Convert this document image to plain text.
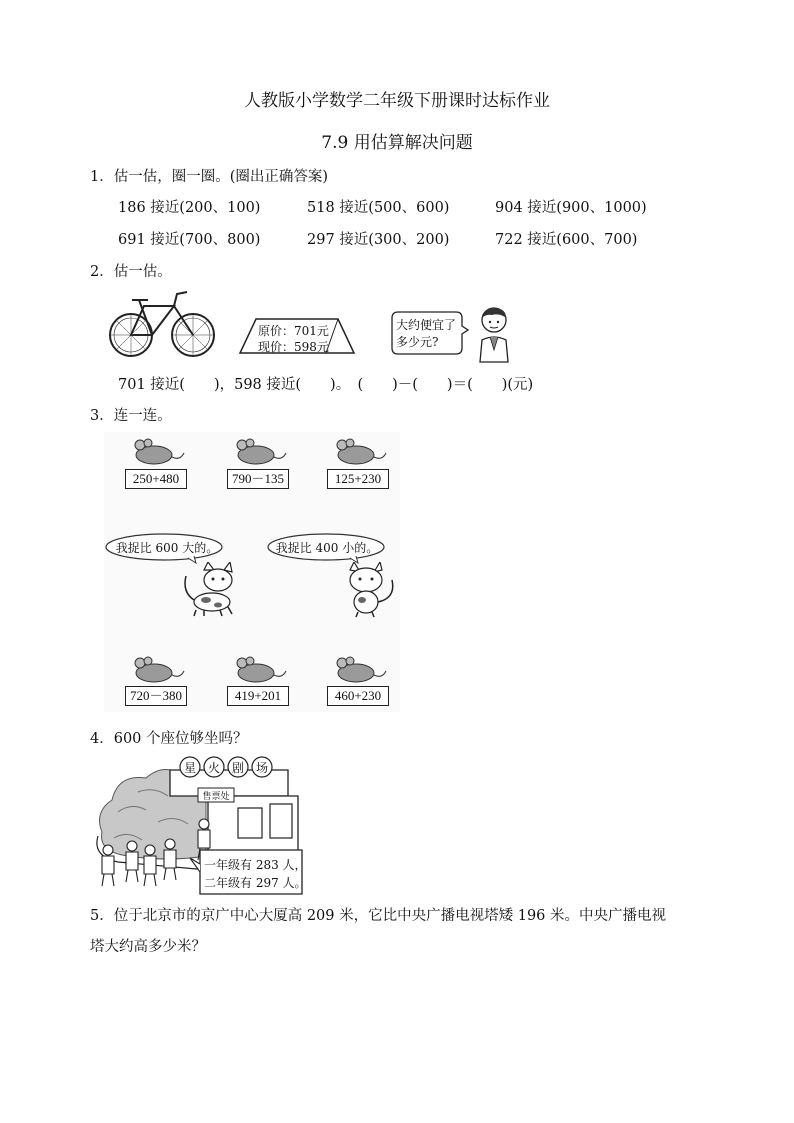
人教版小学数学二年级下册课时达标作业
7.9 用估算解决问题
1．估一估，圈一圈。(圈出正确答案)
186 接近(200、100)	518 接近(500、600)	904 接近(900、1000)
691 接近(700、800)	297 接近(300、200)	722 接近(600、700)
2．估一估。
原价：701元
现价：598元
大约便宜了
多少元?
701 接近(　　)，598 接近(　　)。　(　　)－(　　)＝(　　)(元)
3．连一连。
250+480	790－135	125+230
我捉比 600 大的。	我捉比 400 小的。
720－380	419+201	460+230
4．600 个座位够坐吗？
星 火 剧 场
售票处
一年级有 283 人，
二年级有 297 人。
5．位于北京市的京广中心大厦高 209 米，它比中央广播电视塔矮 196 米。中央广播电视
塔大约高多少米？
